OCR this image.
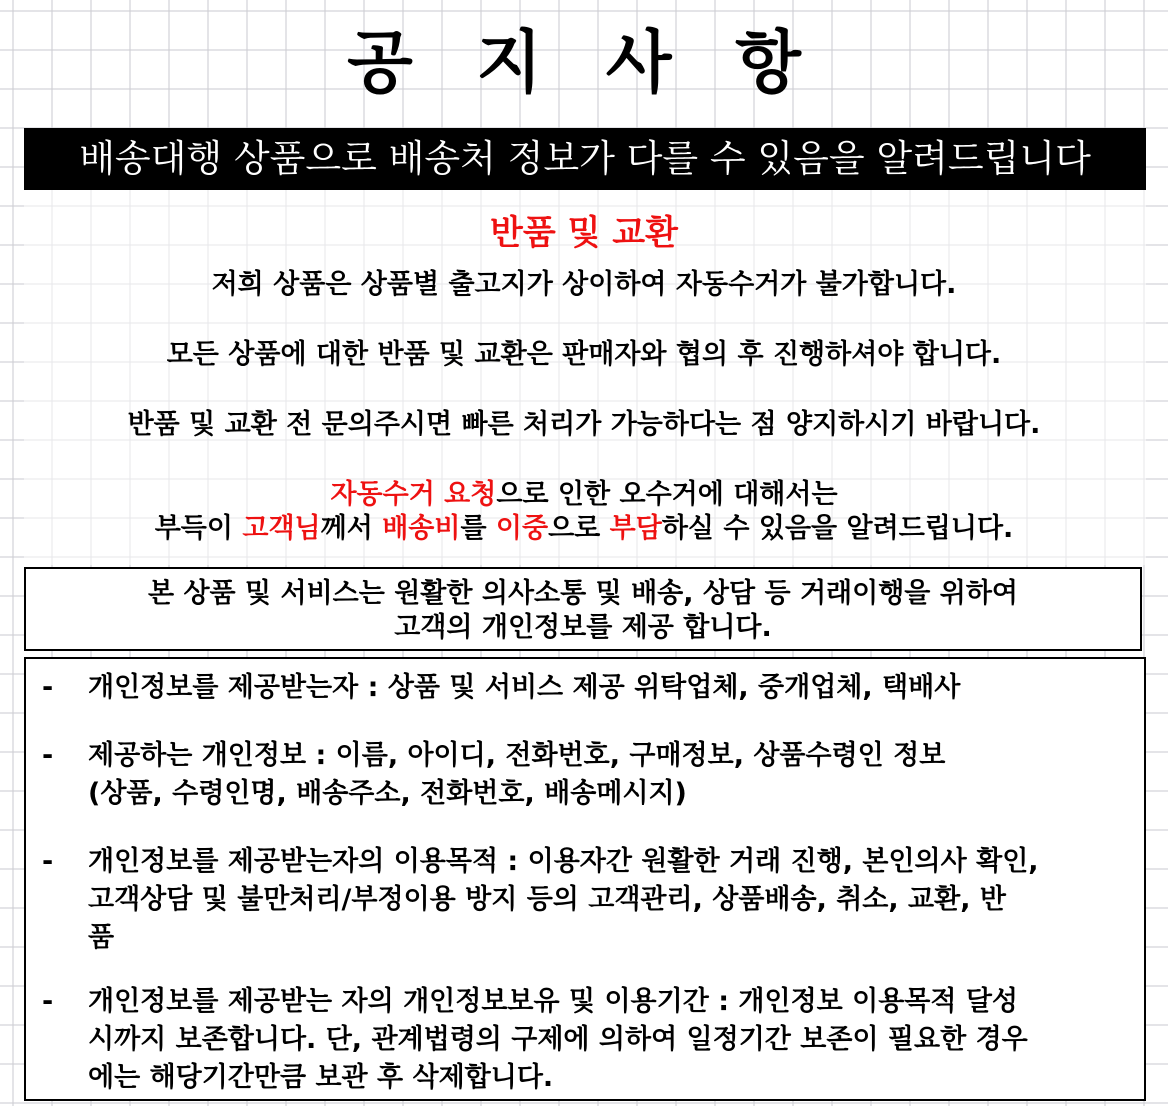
공 지 사 항
배송대행 상품으로 배송처 정보가 다를 수 있음을 알려드립니다
반품 및 교환
저희 상품은 상품별 출고지가 상이하여 자동수거가 불가합니다.
모든 상품에 대한 반품 및 교환은 판매자와 협의 후 진행하셔야 합니다.
반품 및 교환 전 문의주시면 빠른 처리가 가능하다는 점 양지하시기 바랍니다.
자동수거 요청으로 인한 오수거에 대해서는
부득이 고객님께서 배송비를 이중으로 부담하실 수 있음을 알려드립니다.
본 상품 및 서비스는 원활한 의사소통 및 배송, 상담 등 거래이행을 위하여
고객의 개인정보를 제공 합니다.
- 개인정보를 제공받는자 : 상품 및 서비스 제공 위탁업체, 중개업체, 택배사
- 제공하는 개인정보 : 이름, 아이디, 전화번호, 구매정보, 상품수령인 정보
(상품, 수령인명, 배송주소, 전화번호, 배송메시지)
- 개인정보를 제공받는자의 이용목적 : 이용자간 원활한 거래 진행, 본인의사 확인,
고객상담 및 불만처리/부정이용 방지 등의 고객관리, 상품배송, 취소, 교환, 반
품
- 개인정보를 제공받는 자의 개인정보보유 및 이용기간 : 개인정보 이용목적 달성
시까지 보존합니다. 단, 관계법령의 구제에 의하여 일정기간 보존이 필요한 경우
에는 해당기간만큼 보관 후 삭제합니다.
